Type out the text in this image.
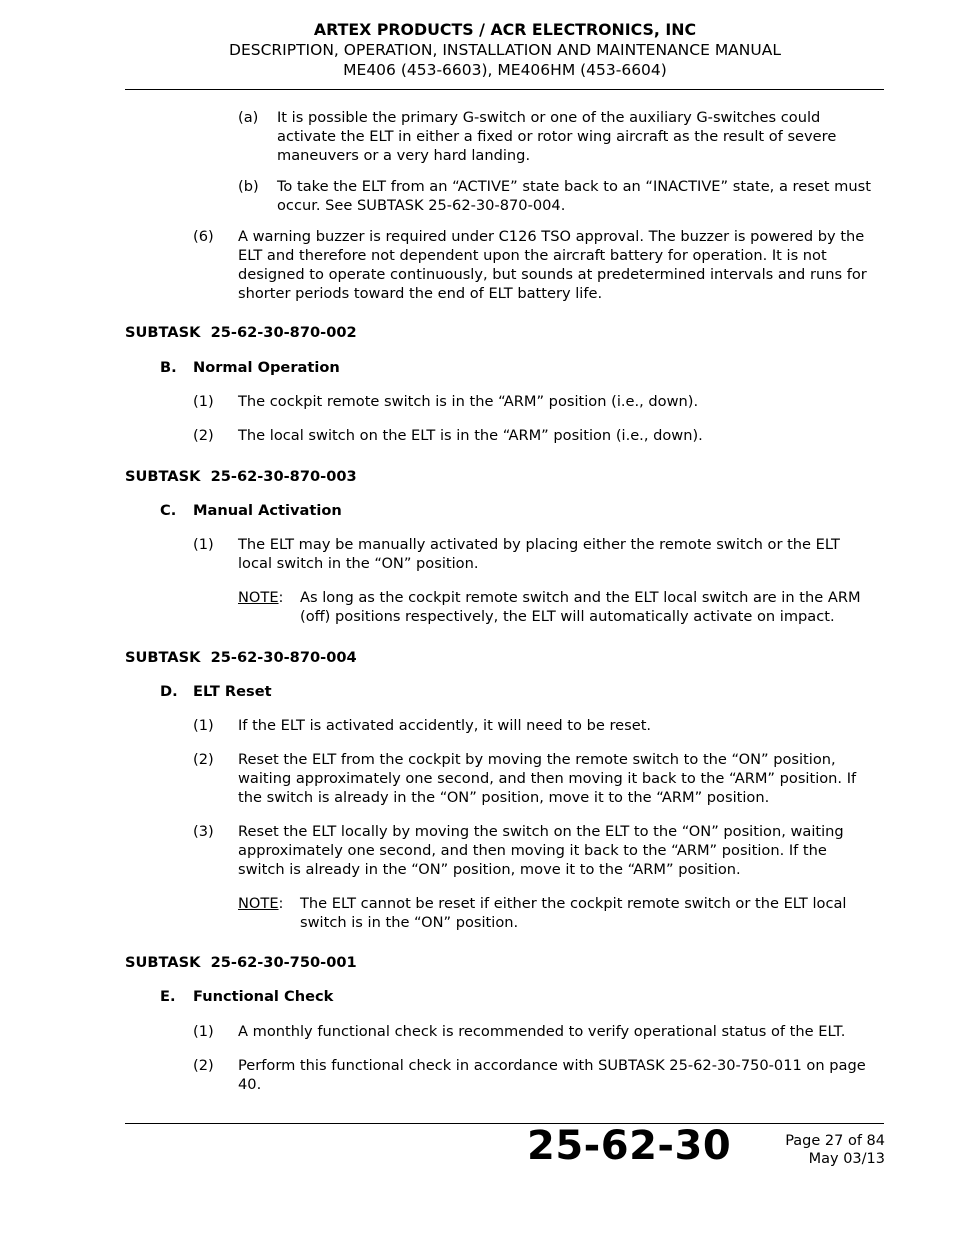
ARTEX PRODUCTS / ACR ELECTRONICS, INC
DESCRIPTION, OPERATION, INSTALLATION AND MAINTENANCE MANUAL
ME406 (453-6603), ME406HM (453-6604)
(a) It is possible the primary G-switch or one of the auxiliary G-switches could activate the ELT in either a fixed or rotor wing aircraft as the result of severe maneuvers or a very hard landing.
(b) To take the ELT from an “ACTIVE” state back to an “INACTIVE” state, a reset must occur. See SUBTASK 25-62-30-870-004.
(6) A warning buzzer is required under C126 TSO approval. The buzzer is powered by the ELT and therefore not dependent upon the aircraft battery for operation. It is not designed to operate continuously, but sounds at predetermined intervals and runs for shorter periods toward the end of ELT battery life.
SUBTASK  25-62-30-870-002
B. Normal Operation
(1) The cockpit remote switch is in the “ARM” position (i.e., down).
(2) The local switch on the ELT is in the “ARM” position (i.e., down).
SUBTASK  25-62-30-870-003
C. Manual Activation
(1) The ELT may be manually activated by placing either the remote switch or the ELT local switch in the “ON” position.
NOTE: As long as the cockpit remote switch and the ELT local switch are in the ARM (off) positions respectively, the ELT will automatically activate on impact.
SUBTASK  25-62-30-870-004
D. ELT Reset
(1) If the ELT is activated accidently, it will need to be reset.
(2) Reset the ELT from the cockpit by moving the remote switch to the “ON” position, waiting approximately one second, and then moving it back to the “ARM” position. If the switch is already in the “ON” position, move it to the “ARM” position.
(3) Reset the ELT locally by moving the switch on the ELT to the “ON” position, waiting approximately one second, and then moving it back to the “ARM” position. If the switch is already in the “ON” position, move it to the “ARM” position.
NOTE: The ELT cannot be reset if either the cockpit remote switch or the ELT local switch is in the “ON” position.
SUBTASK  25-62-30-750-001
E. Functional Check
(1) A monthly functional check is recommended to verify operational status of the ELT.
(2) Perform this functional check in accordance with SUBTASK 25-62-30-750-011 on page 40.
25-62-30	Page 27 of 84
May 03/13
